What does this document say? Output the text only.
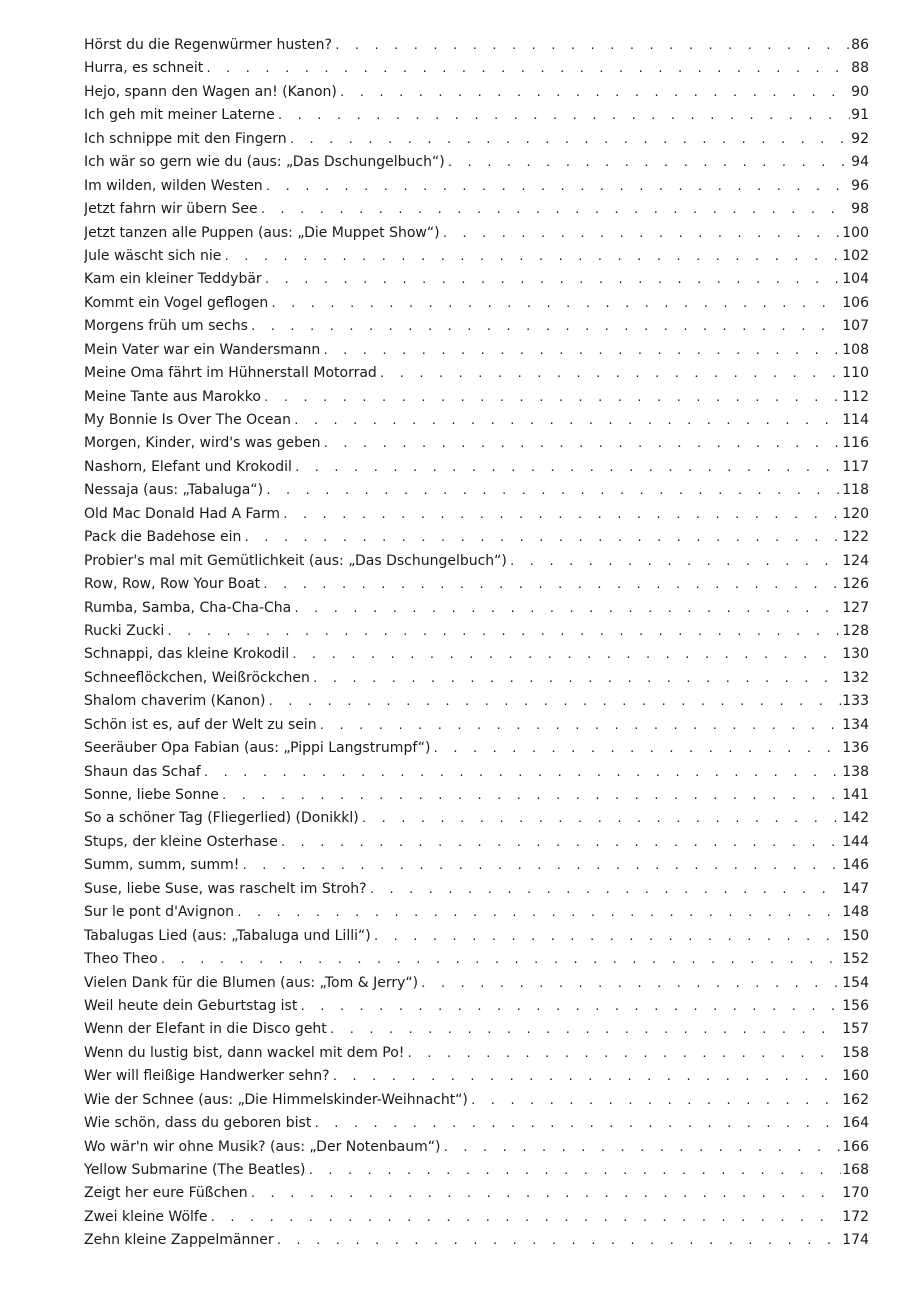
Hörst du die Regenwürmer husten? . . .	86
Hurra, es schneit . . .	88
Hejo, spann den Wagen an! (Kanon) . . .	90
Ich geh mit meiner Laterne . . .	91
Ich schnippe mit den Fingern . . .	92
Ich wär so gern wie du (aus: „Das Dschungelbuch“) . . .	94
Im wilden, wilden Westen . . .	96
Jetzt fahrn wir übern See . . .	98
Jetzt tanzen alle Puppen (aus: „Die Muppet Show“) . . .	100
Jule wäscht sich nie . . .	102
Kam ein kleiner Teddybär . . .	104
Kommt ein Vogel geflogen . . .	106
Morgens früh um sechs . . .	107
Mein Vater war ein Wandersmann . . .	108
Meine Oma fährt im Hühnerstall Motorrad . . .	110
Meine Tante aus Marokko . . .	112
My Bonnie Is Over The Ocean . . .	114
Morgen, Kinder, wird's was geben . . .	116
Nashorn, Elefant und Krokodil . . .	117
Nessaja (aus: „Tabaluga“) . . .	118
Old Mac Donald Had A Farm . . .	120
Pack die Badehose ein . . .	122
Probier's mal mit Gemütlichkeit (aus: „Das Dschungelbuch“) . . .	124
Row, Row, Row Your Boat . . .	126
Rumba, Samba, Cha-Cha-Cha . . .	127
Rucki Zucki . . .	128
Schnappi, das kleine Krokodil . . .	130
Schneeflöckchen, Weißröckchen . . .	132
Shalom chaverim (Kanon) . . .	133
Schön ist es, auf der Welt zu sein . . .	134
Seeräuber Opa Fabian (aus: „Pippi Langstrumpf“) . . .	136
Shaun das Schaf . . .	138
Sonne, liebe Sonne . . .	141
So a schöner Tag (Fliegerlied) (Donikkl) . . .	142
Stups, der kleine Osterhase . . .	144
Summ, summ, summ! . . .	146
Suse, liebe Suse, was raschelt im Stroh? . . .	147
Sur le pont d'Avignon . . .	148
Tabalugas Lied (aus: „Tabaluga und Lilli“) . . .	150
Theo Theo . . .	152
Vielen Dank für die Blumen (aus: „Tom & Jerry“) . . .	154
Weil heute dein Geburtstag ist . . .	156
Wenn der Elefant in die Disco geht . . .	157
Wenn du lustig bist, dann wackel mit dem Po! . . .	158
Wer will fleißige Handwerker sehn? . . .	160
Wie der Schnee (aus: „Die Himmelskinder-Weihnacht“) . . .	162
Wie schön, dass du geboren bist . . .	164
Wo wär'n wir ohne Musik? (aus: „Der Notenbaum“) . . .	166
Yellow Submarine (The Beatles) . . .	168
Zeigt her eure Füßchen . . .	170
Zwei kleine Wölfe . . .	172
Zehn kleine Zappelmänner . . .	174
